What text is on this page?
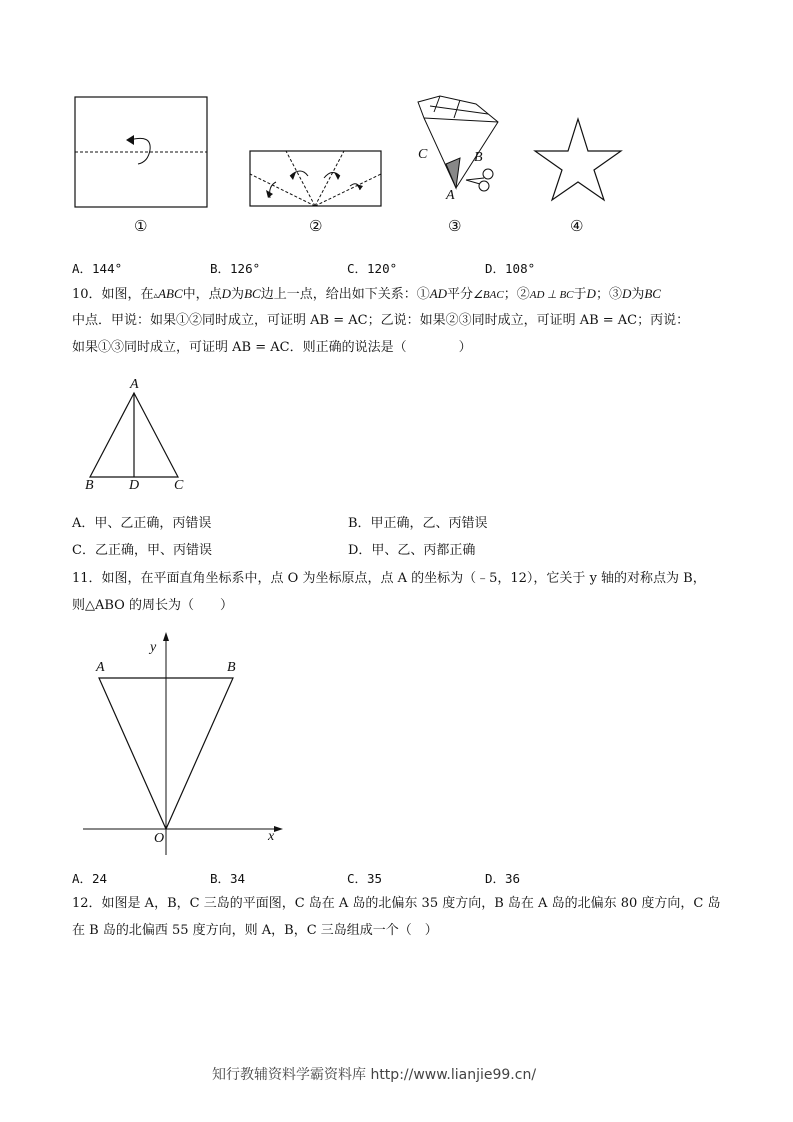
C	B
A
①	②	③	④
A．144°	B．126°	C．120°	D．108°
10．如图，在▵ABC中，点D为BC边上一点，给出如下关系：①AD平分∠BAC；②AD ⊥ BC于D；③D为BC
中点．甲说：如果①②同时成立，可证明 AB = AC；乙说：如果②③同时成立，可证明 AB = AC；丙说：
如果①③同时成立，可证明 AB = AC．则正确的说法是（　　　　）
A
B	D C
A．甲、乙正确，丙错误	B．甲正确，乙、丙错误
C．乙正确，甲、丙错误	D．甲、乙、丙都正确
11．如图，在平面直角坐标系中，点 O 为坐标原点，点 A 的坐标为（﹣5，12），它关于 y 轴的对称点为 B，
则△ABO 的周长为（　　）
y
A	B
O	x
A．24	B．34	C．35	D．36
12．如图是 A，B，C 三岛的平面图，C 岛在 A 岛的北偏东 35 度方向，B 岛在 A 岛的北偏东 80 度方向，C 岛
在 B 岛的北偏西 55 度方向，则 A，B，C 三岛组成一个（　）
知行教辅资料学霸资料库 http://www.lianjie99.cn/
